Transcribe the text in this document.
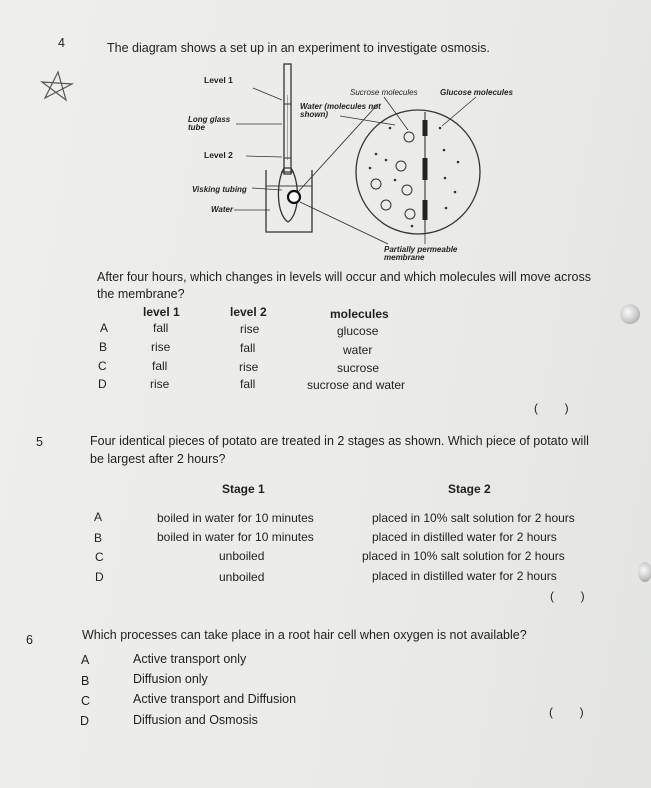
4	The diagram shows a set up in an experiment to investigate osmosis.
Level 1
Long glass
tube
Level 2
Visking tubing
Water
Sucrose molecules	Glucose molecules
Water (molecules not
shown)
Partially permeable
membrane
After four hours, which changes in levels will occur and which molecules will move across
the membrane?
level 1	level 2	molecules
A	fall	rise	glucose
B	rise	fall	water
C	fall	rise	sucrose
D	rise	fall	sucrose and water
(        )
5	Four identical pieces of potato are treated in 2 stages as shown. Which piece of potato will
be largest after 2 hours?
Stage 1	Stage 2
A	boiled in water for 10 minutes	placed in 10% salt solution for 2 hours
B	boiled in water for 10 minutes	placed in distilled water for 2 hours
C	unboiled	placed in 10% salt solution for 2 hours
D	unboiled	placed in distilled water for 2 hours
(        )
6	Which processes can take place in a root hair cell when oxygen is not available?
A	Active transport only
B	Diffusion only
C	Active transport and Diffusion
D	Diffusion and Osmosis
(        )
